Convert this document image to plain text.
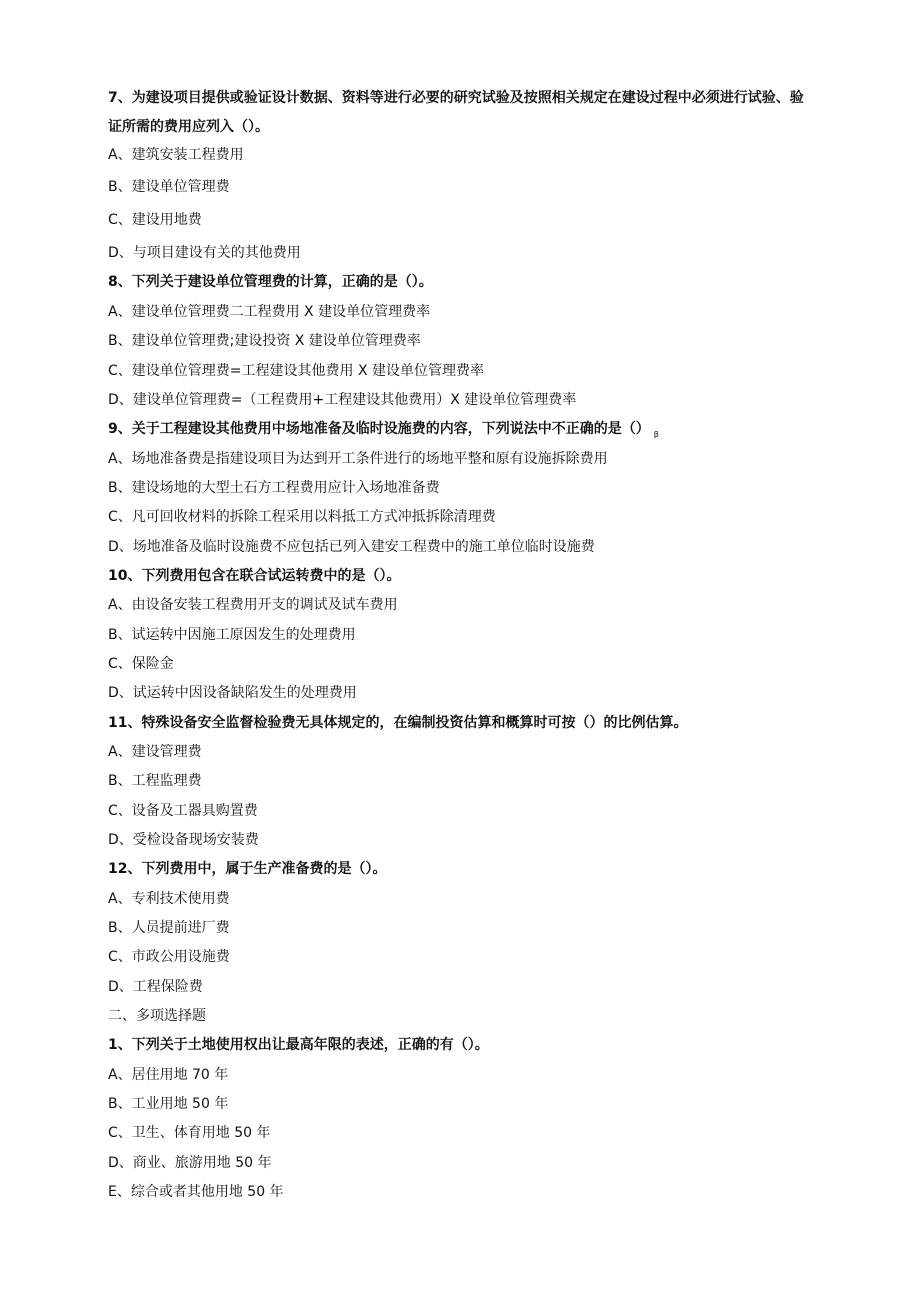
7、为建设项目提供或验证设计数据、资料等进行必要的研究试验及按照相关规定在建设过程中必须进行试验、验证所需的费用应列入（）。
A、建筑安装工程费用
B、建设单位管理费
C、建设用地费
D、与项目建设有关的其他费用
8、下列关于建设单位管理费的计算，正确的是（）。
A、建设单位管理费二工程费用 X 建设单位管理费率
B、建设单位管理费;建设投资 X 建设单位管理费率
C、建设单位管理费=工程建设其他费用 X 建设单位管理费率
D、建设单位管理费=（工程费用+工程建设其他费用）X 建设单位管理费率
9、关于工程建设其他费用中场地准备及临时设施费的内容，下列说法中不正确的是（） $_\beta$
A、场地准备费是指建设项目为达到开工条件进行的场地平整和原有设施拆除费用
B、建设场地的大型土石方工程费用应计入场地准备费
C、凡可回收材料的拆除工程采用以料抵工方式冲抵拆除清理费
D、场地准备及临时设施费不应包括已列入建安工程费中的施工单位临时设施费
10、下列费用包含在联合试运转费中的是（）。
A、由设备安装工程费用开支的调试及试车费用
B、试运转中因施工原因发生的处理费用
C、保险金
D、试运转中因设备缺陷发生的处理费用
11、特殊设备安全监督检验费无具体规定的，在编制投资估算和概算时可按（）的比例估算。
A、建设管理费
B、工程监理费
C、设备及工器具购置费
D、受检设备现场安装费
12、下列费用中，属于生产准备费的是（）。
A、专利技术使用费
B、人员提前进厂费
C、市政公用设施费
D、工程保险费
二、多项选择题
1、下列关于土地使用权出让最高年限的表述，正确的有（）。
A、居住用地 70 年
B、工业用地 50 年
C、卫生、体育用地 50 年
D、商业、旅游用地 50 年
E、综合或者其他用地 50 年
